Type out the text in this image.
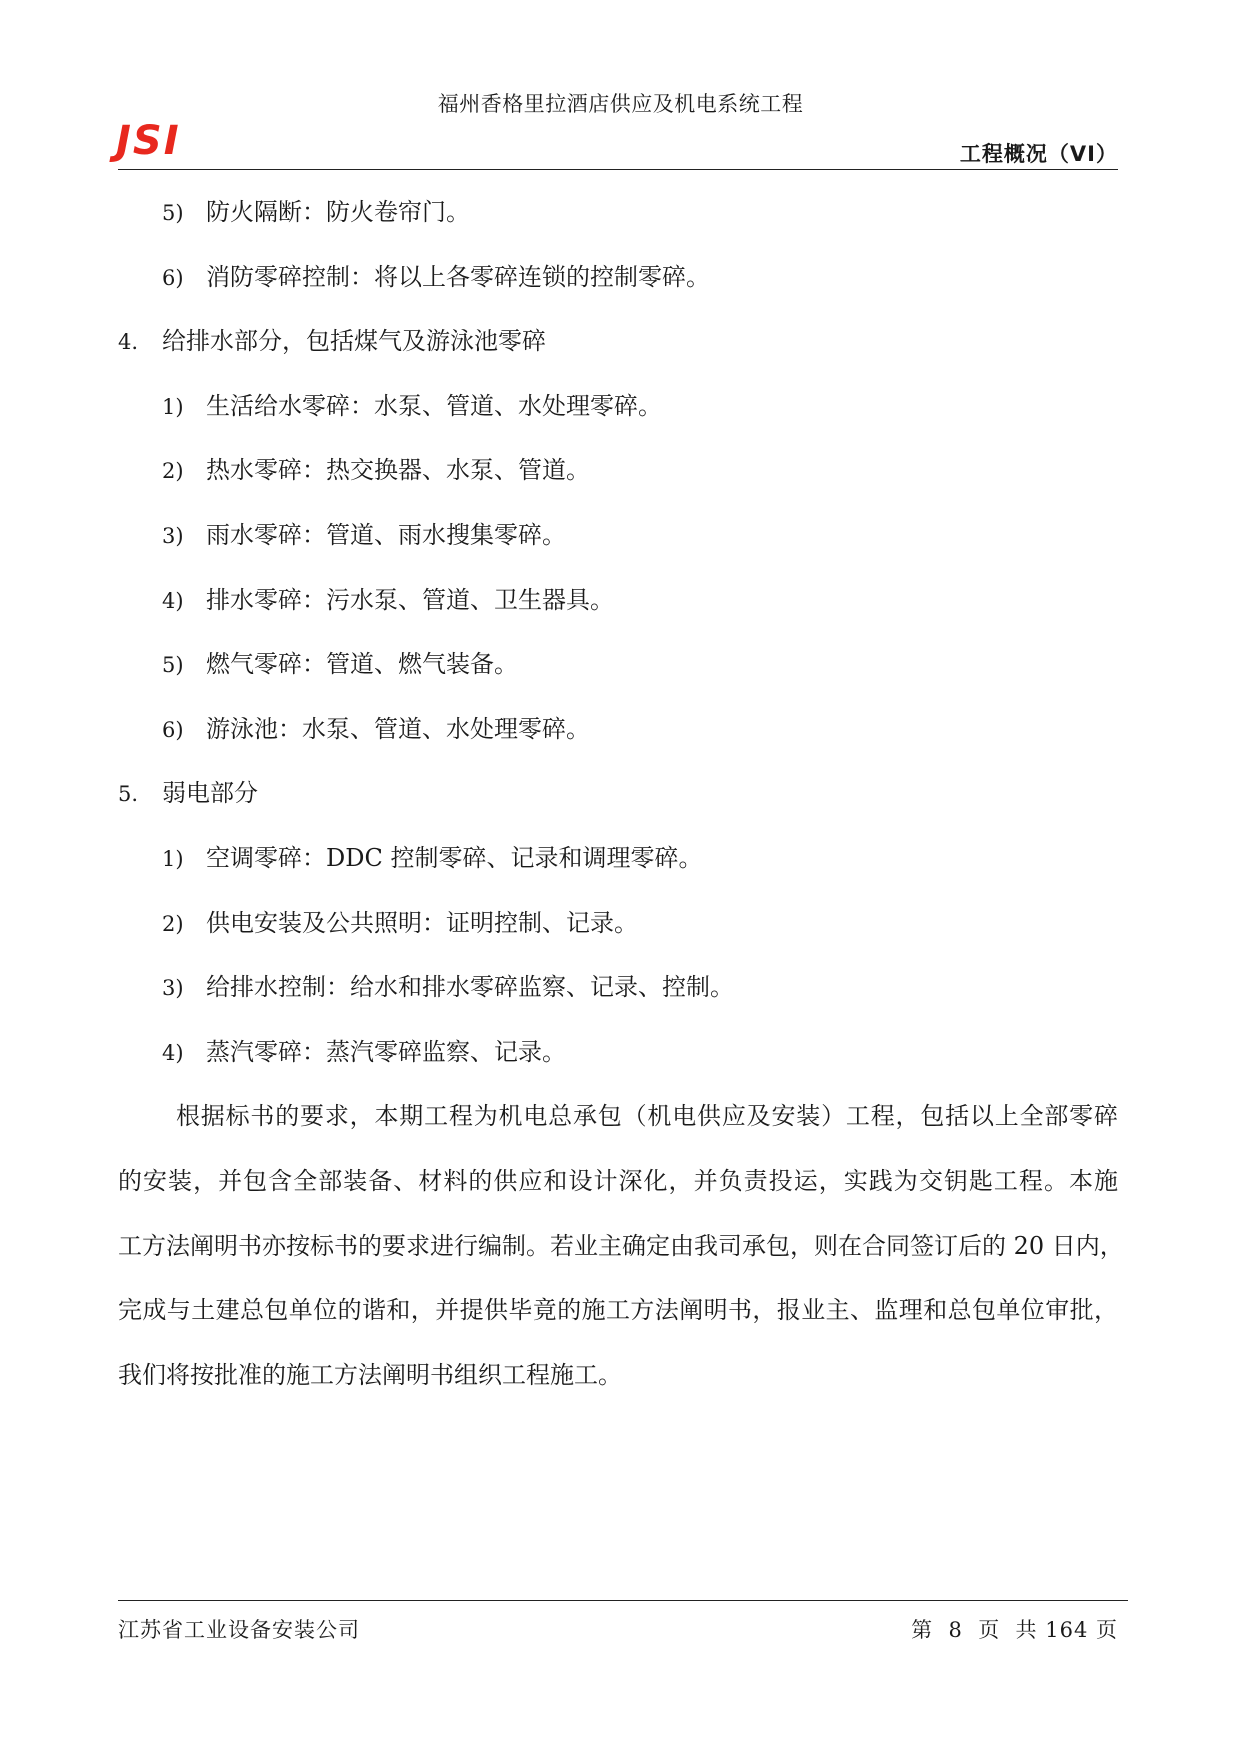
福州香格里拉酒店供应及机电系统工程
JSI	工程概况（VI）
5) 防火隔断：防火卷帘门。
6) 消防零碎控制：将以上各零碎连锁的控制零碎。
4. 给排水部分，包括煤气及游泳池零碎
1) 生活给水零碎：水泵、管道、水处理零碎。
2) 热水零碎：热交换器、水泵、管道。
3) 雨水零碎：管道、雨水搜集零碎。
4) 排水零碎：污水泵、管道、卫生器具。
5) 燃气零碎：管道、燃气装备。
6) 游泳池：水泵、管道、水处理零碎。
5. 弱电部分
1) 空调零碎：DDC 控制零碎、记录和调理零碎。
2) 供电安装及公共照明：证明控制、记录。
3) 给排水控制：给水和排水零碎监察、记录、控制。
4) 蒸汽零碎：蒸汽零碎监察、记录。
根据标书的要求，本期工程为机电总承包（机电供应及安装）工程，包括以上全部零碎
的安装，并包含全部装备、材料的供应和设计深化，并负责投运，实践为交钥匙工程。本施
工方法阐明书亦按标书的要求进行编制。若业主确定由我司承包，则在合同签订后的 20 日内，
完成与土建总包单位的谐和，并提供毕竟的施工方法阐明书，报业主、监理和总包单位审批，
我们将按批准的施工方法阐明书组织工程施工。
江苏省工业设备安装公司	第  8  页  共 164 页
